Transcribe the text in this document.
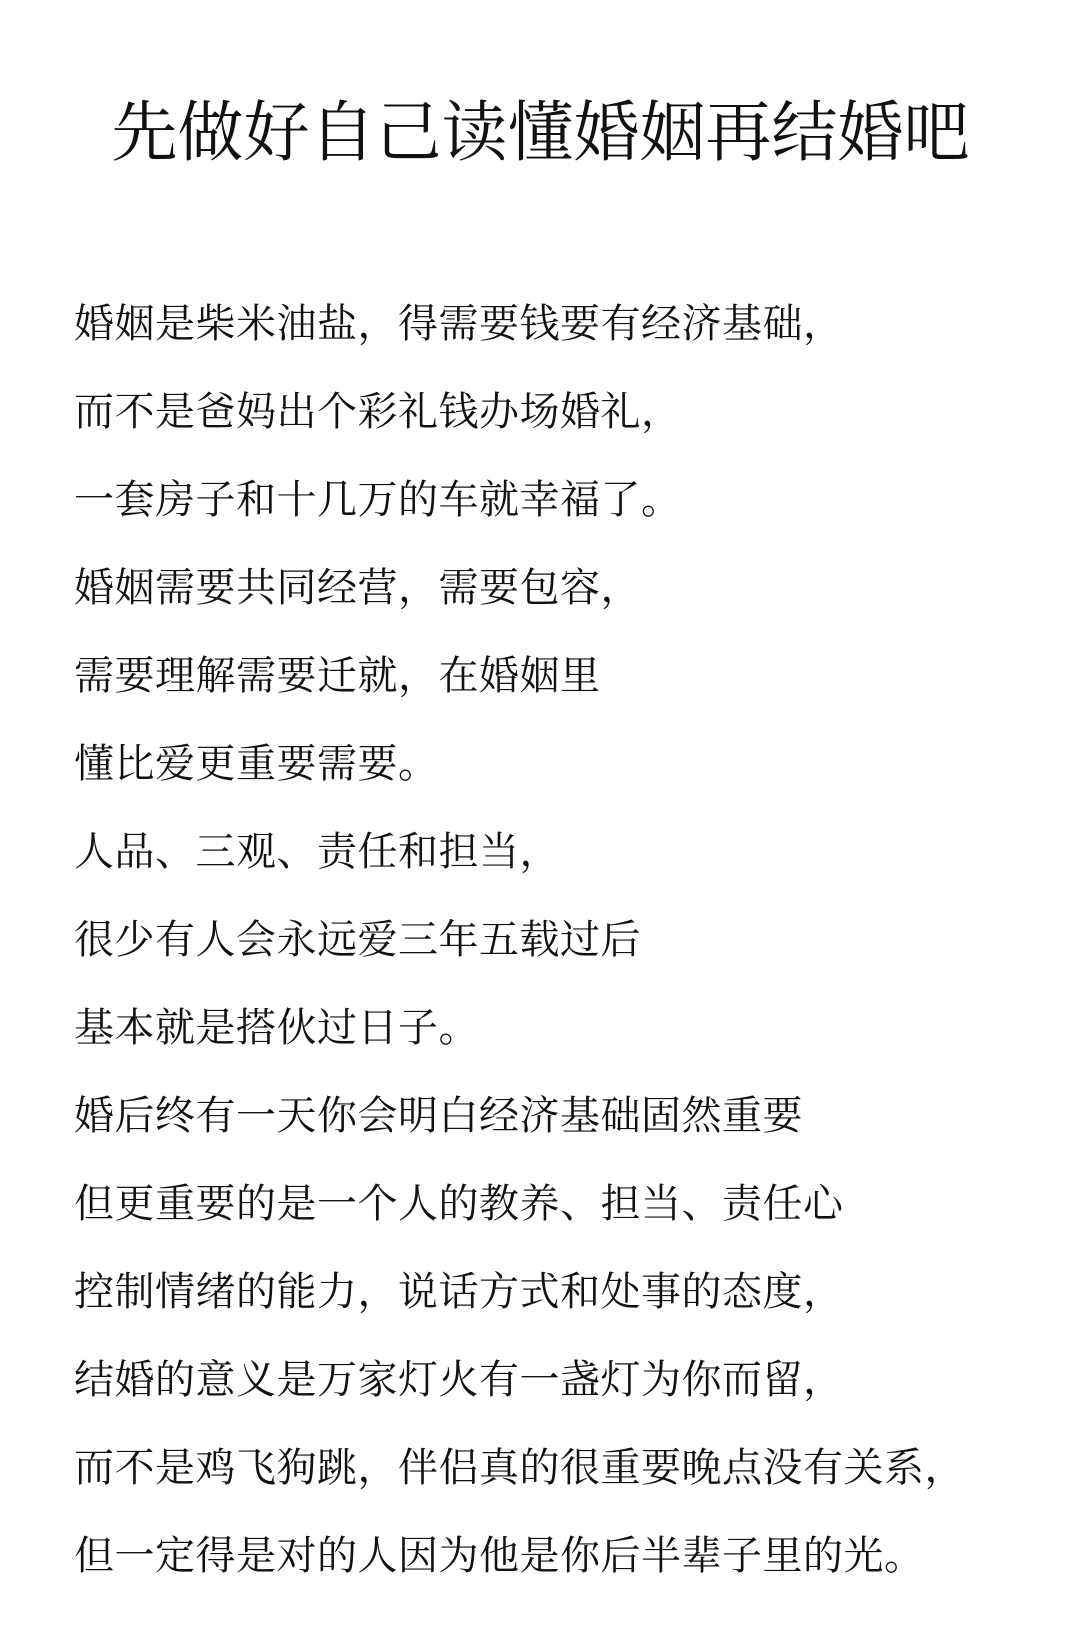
先做好自己读懂婚姻再结婚吧
婚姻是柴米油盐，得需要钱要有经济基础，
而不是爸妈出个彩礼钱办场婚礼，
一套房子和十几万的车就幸福了。
婚姻需要共同经营，需要包容，
需要理解需要迁就，在婚姻里
懂比爱更重要需要。
人品、三观、责任和担当，
很少有人会永远爱三年五载过后
基本就是搭伙过日子。
婚后终有一天你会明白经济基础固然重要
但更重要的是一个人的教养、担当、责任心
控制情绪的能力，说话方式和处事的态度，
结婚的意义是万家灯火有一盏灯为你而留，
而不是鸡飞狗跳，伴侣真的很重要晚点没有关系，
但一定得是对的人因为他是你后半辈子里的光。
